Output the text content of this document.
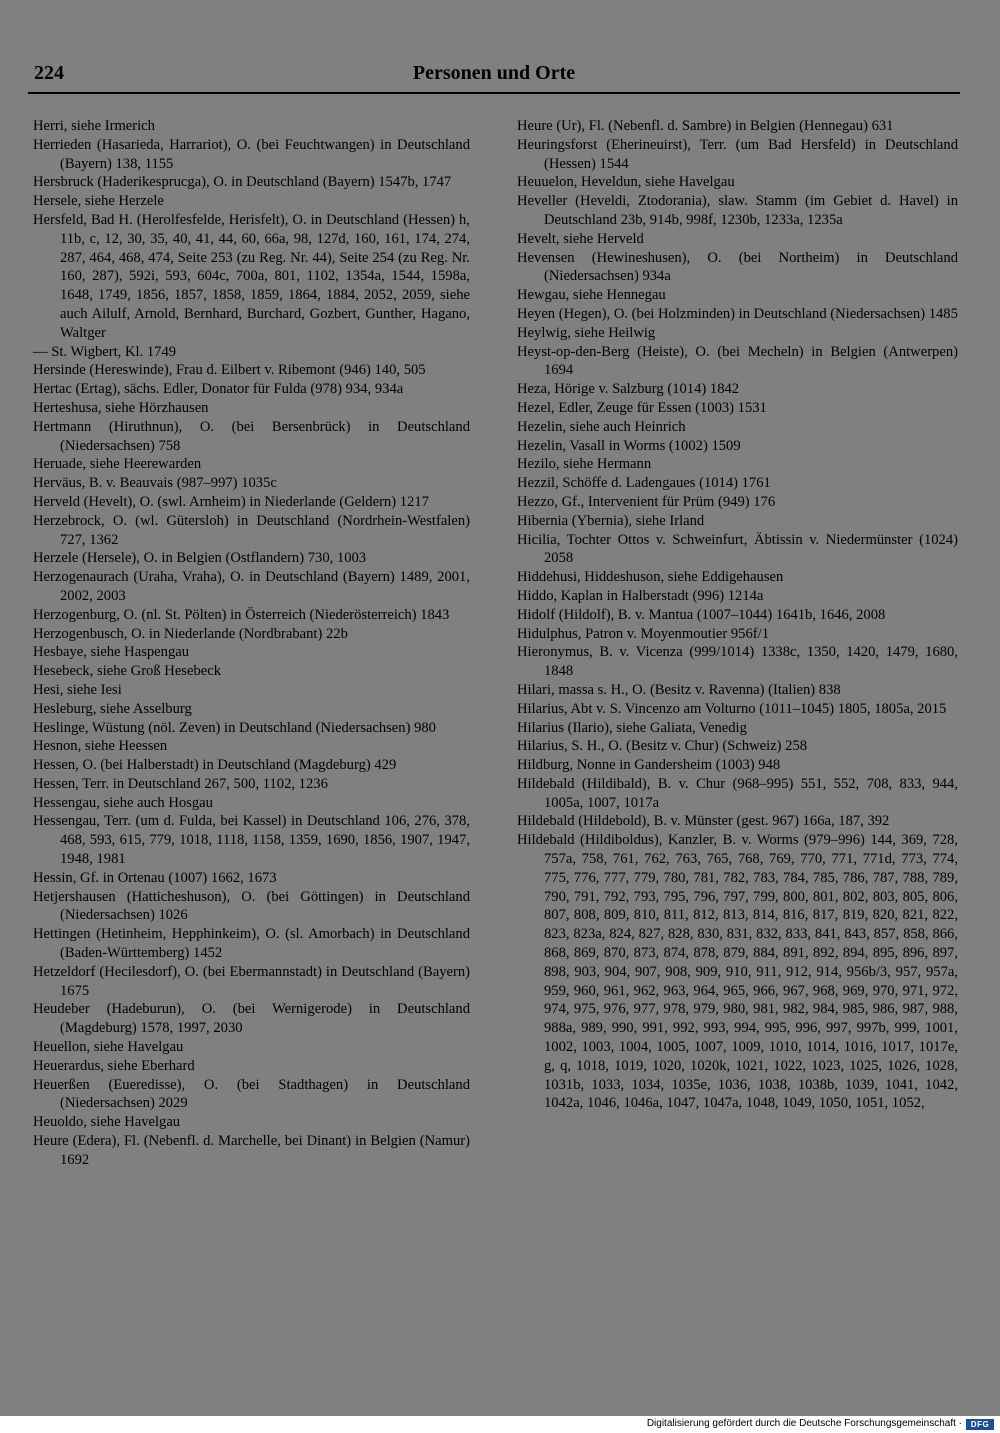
224	Personen und Orte
Herri, siehe Irmerich
Herrieden (Hasarieda, Harrariot), O. (bei Feuchtwangen) in Deutschland (Bayern) 138, 1155
Hersbruck (Haderikesprucga), O. in Deutschland (Bayern) 1547b, 1747
Hersele, siehe Herzele
Hersfeld, Bad H. (Herolfesfelde, Herisfelt), O. in Deutschland (Hessen) h, 11b, c, 12, 30, 35, 40, 41, 44, 60, 66a, 98, 127d, 160, 161, 174, 274, 287, 464, 468, 474, Seite 253 (zu Reg. Nr. 44), Seite 254 (zu Reg. Nr. 160, 287), 592i, 593, 604c, 700a, 801, 1102, 1354a, 1544, 1598a, 1648, 1749, 1856, 1857, 1858, 1859, 1864, 1884, 2052, 2059, siehe auch Ailulf, Arnold, Bernhard, Burchard, Gozbert, Gunther, Hagano, Waltger
— St. Wigbert, Kl. 1749
Hersinde (Hereswinde), Frau d. Eilbert v. Ribemont (946) 140, 505
Hertac (Ertag), sächs. Edler, Donator für Fulda (978) 934, 934a
Herteshusa, siehe Hörzhausen
Hertmann (Hiruthnun), O. (bei Bersenbrück) in Deutschland (Niedersachsen) 758
Heruade, siehe Heerewarden
Herväus, B. v. Beauvais (987–997) 1035c
Herveld (Hevelt), O. (swl. Arnheim) in Niederlande (Geldern) 1217
Herzebrock, O. (wl. Gütersloh) in Deutschland (Nordrhein-Westfalen) 727, 1362
Herzele (Hersele), O. in Belgien (Ostflandern) 730, 1003
Herzogenaurach (Uraha, Vraha), O. in Deutschland (Bayern) 1489, 2001, 2002, 2003
Herzogenburg, O. (nl. St. Pölten) in Österreich (Niederösterreich) 1843
Herzogenbusch, O. in Niederlande (Nordbrabant) 22b
Hesbaye, siehe Haspengau
Hesebeck, siehe Groß Hesebeck
Hesi, siehe Iesi
Hesleburg, siehe Asselburg
Heslinge, Wüstung (nöl. Zeven) in Deutschland (Niedersachsen) 980
Hesnon, siehe Heessen
Hessen, O. (bei Halberstadt) in Deutschland (Magdeburg) 429
Hessen, Terr. in Deutschland 267, 500, 1102, 1236
Hessengau, siehe auch Hosgau
Hessengau, Terr. (um d. Fulda, bei Kassel) in Deutschland 106, 276, 378, 468, 593, 615, 779, 1018, 1118, 1158, 1359, 1690, 1856, 1907, 1947, 1948, 1981
Hessin, Gf. in Ortenau (1007) 1662, 1673
Hetjershausen (Hatticheshuson), O. (bei Göttingen) in Deutschland (Niedersachsen) 1026
Hettingen (Hetinheim, Hepphinkeim), O. (sl. Amorbach) in Deutschland (Baden-Württemberg) 1452
Hetzeldorf (Hecilesdorf), O. (bei Ebermannstadt) in Deutschland (Bayern) 1675
Heudeber (Hadeburun), O. (bei Wernigerode) in Deutschland (Magdeburg) 1578, 1997, 2030
Heuellon, siehe Havelgau
Heuerardus, siehe Eberhard
Heuerßen (Eueredisse), O. (bei Stadthagen) in Deutschland (Niedersachsen) 2029
Heuoldo, siehe Havelgau
Heure (Edera), Fl. (Nebenfl. d. Marchelle, bei Dinant) in Belgien (Namur) 1692
Heure (Ur), Fl. (Nebenfl. d. Sambre) in Belgien (Hennegau) 631
Heuringsforst (Eherineuirst), Terr. (um Bad Hersfeld) in Deutschland (Hessen) 1544
Heuuelon, Heveldun, siehe Havelgau
Heveller (Heveldi, Ztodorania), slaw. Stamm (im Gebiet d. Havel) in Deutschland 23b, 914b, 998f, 1230b, 1233a, 1235a
Hevelt, siehe Herveld
Hevensen (Hewineshusen), O. (bei Northeim) in Deutschland (Niedersachsen) 934a
Hewgau, siehe Hennegau
Heyen (Hegen), O. (bei Holzminden) in Deutschland (Niedersachsen) 1485
Heylwig, siehe Heilwig
Heyst-op-den-Berg (Heiste), O. (bei Mecheln) in Belgien (Antwerpen) 1694
Heza, Hörige v. Salzburg (1014) 1842
Hezel, Edler, Zeuge für Essen (1003) 1531
Hezelin, siehe auch Heinrich
Hezelin, Vasall in Worms (1002) 1509
Hezilo, siehe Hermann
Hezzil, Schöffe d. Ladengaues (1014) 1761
Hezzo, Gf., Intervenient für Prüm (949) 176
Hibernia (Ybernia), siehe Irland
Hicilia, Tochter Ottos v. Schweinfurt, Äbtissin v. Niedermünster (1024) 2058
Hiddehusi, Hiddeshuson, siehe Eddigehausen
Hiddo, Kaplan in Halberstadt (996) 1214a
Hidolf (Hildolf), B. v. Mantua (1007–1044) 1641b, 1646, 2008
Hidulphus, Patron v. Moyenmoutier 956f/1
Hieronymus, B. v. Vicenza (999/1014) 1338c, 1350, 1420, 1479, 1680, 1848
Hilari, massa s. H., O. (Besitz v. Ravenna) (Italien) 838
Hilarius, Abt v. S. Vincenzo am Volturno (1011–1045) 1805, 1805a, 2015
Hilarius (Ilario), siehe Galiata, Venedig
Hilarius, S. H., O. (Besitz v. Chur) (Schweiz) 258
Hildburg, Nonne in Gandersheim (1003) 948
Hildebald (Hildibald), B. v. Chur (968–995) 551, 552, 708, 833, 944, 1005a, 1007, 1017a
Hildebald (Hildebold), B. v. Münster (gest. 967) 166a, 187, 392
Hildebald (Hildiboldus), Kanzler, B. v. Worms (979–996) 144, 369, 728, 757a, 758, 761, 762, 763, 765, 768, 769, 770, 771, 771d, 773, 774, 775, 776, 777, 779, 780, 781, 782, 783, 784, 785, 786, 787, 788, 789, 790, 791, 792, 793, 795, 796, 797, 799, 800, 801, 802, 803, 805, 806, 807, 808, 809, 810, 811, 812, 813, 814, 816, 817, 819, 820, 821, 822, 823, 823a, 824, 827, 828, 830, 831, 832, 833, 841, 843, 857, 858, 866, 868, 869, 870, 873, 874, 878, 879, 884, 891, 892, 894, 895, 896, 897, 898, 903, 904, 907, 908, 909, 910, 911, 912, 914, 956b/3, 957, 957a, 959, 960, 961, 962, 963, 964, 965, 966, 967, 968, 969, 970, 971, 972, 974, 975, 976, 977, 978, 979, 980, 981, 982, 984, 985, 986, 987, 988, 988a, 989, 990, 991, 992, 993, 994, 995, 996, 997, 997b, 999, 1001, 1002, 1003, 1004, 1005, 1007, 1009, 1010, 1014, 1016, 1017, 1017e, g, q, 1018, 1019, 1020, 1020k, 1021, 1022, 1023, 1025, 1026, 1028, 1031b, 1033, 1034, 1035e, 1036, 1038, 1038b, 1039, 1041, 1042, 1042a, 1046, 1046a, 1047, 1047a, 1048, 1049, 1050, 1051, 1052,
Digitalisierung gefördert durch die Deutsche Forschungsgemeinschaft ·	DFG
